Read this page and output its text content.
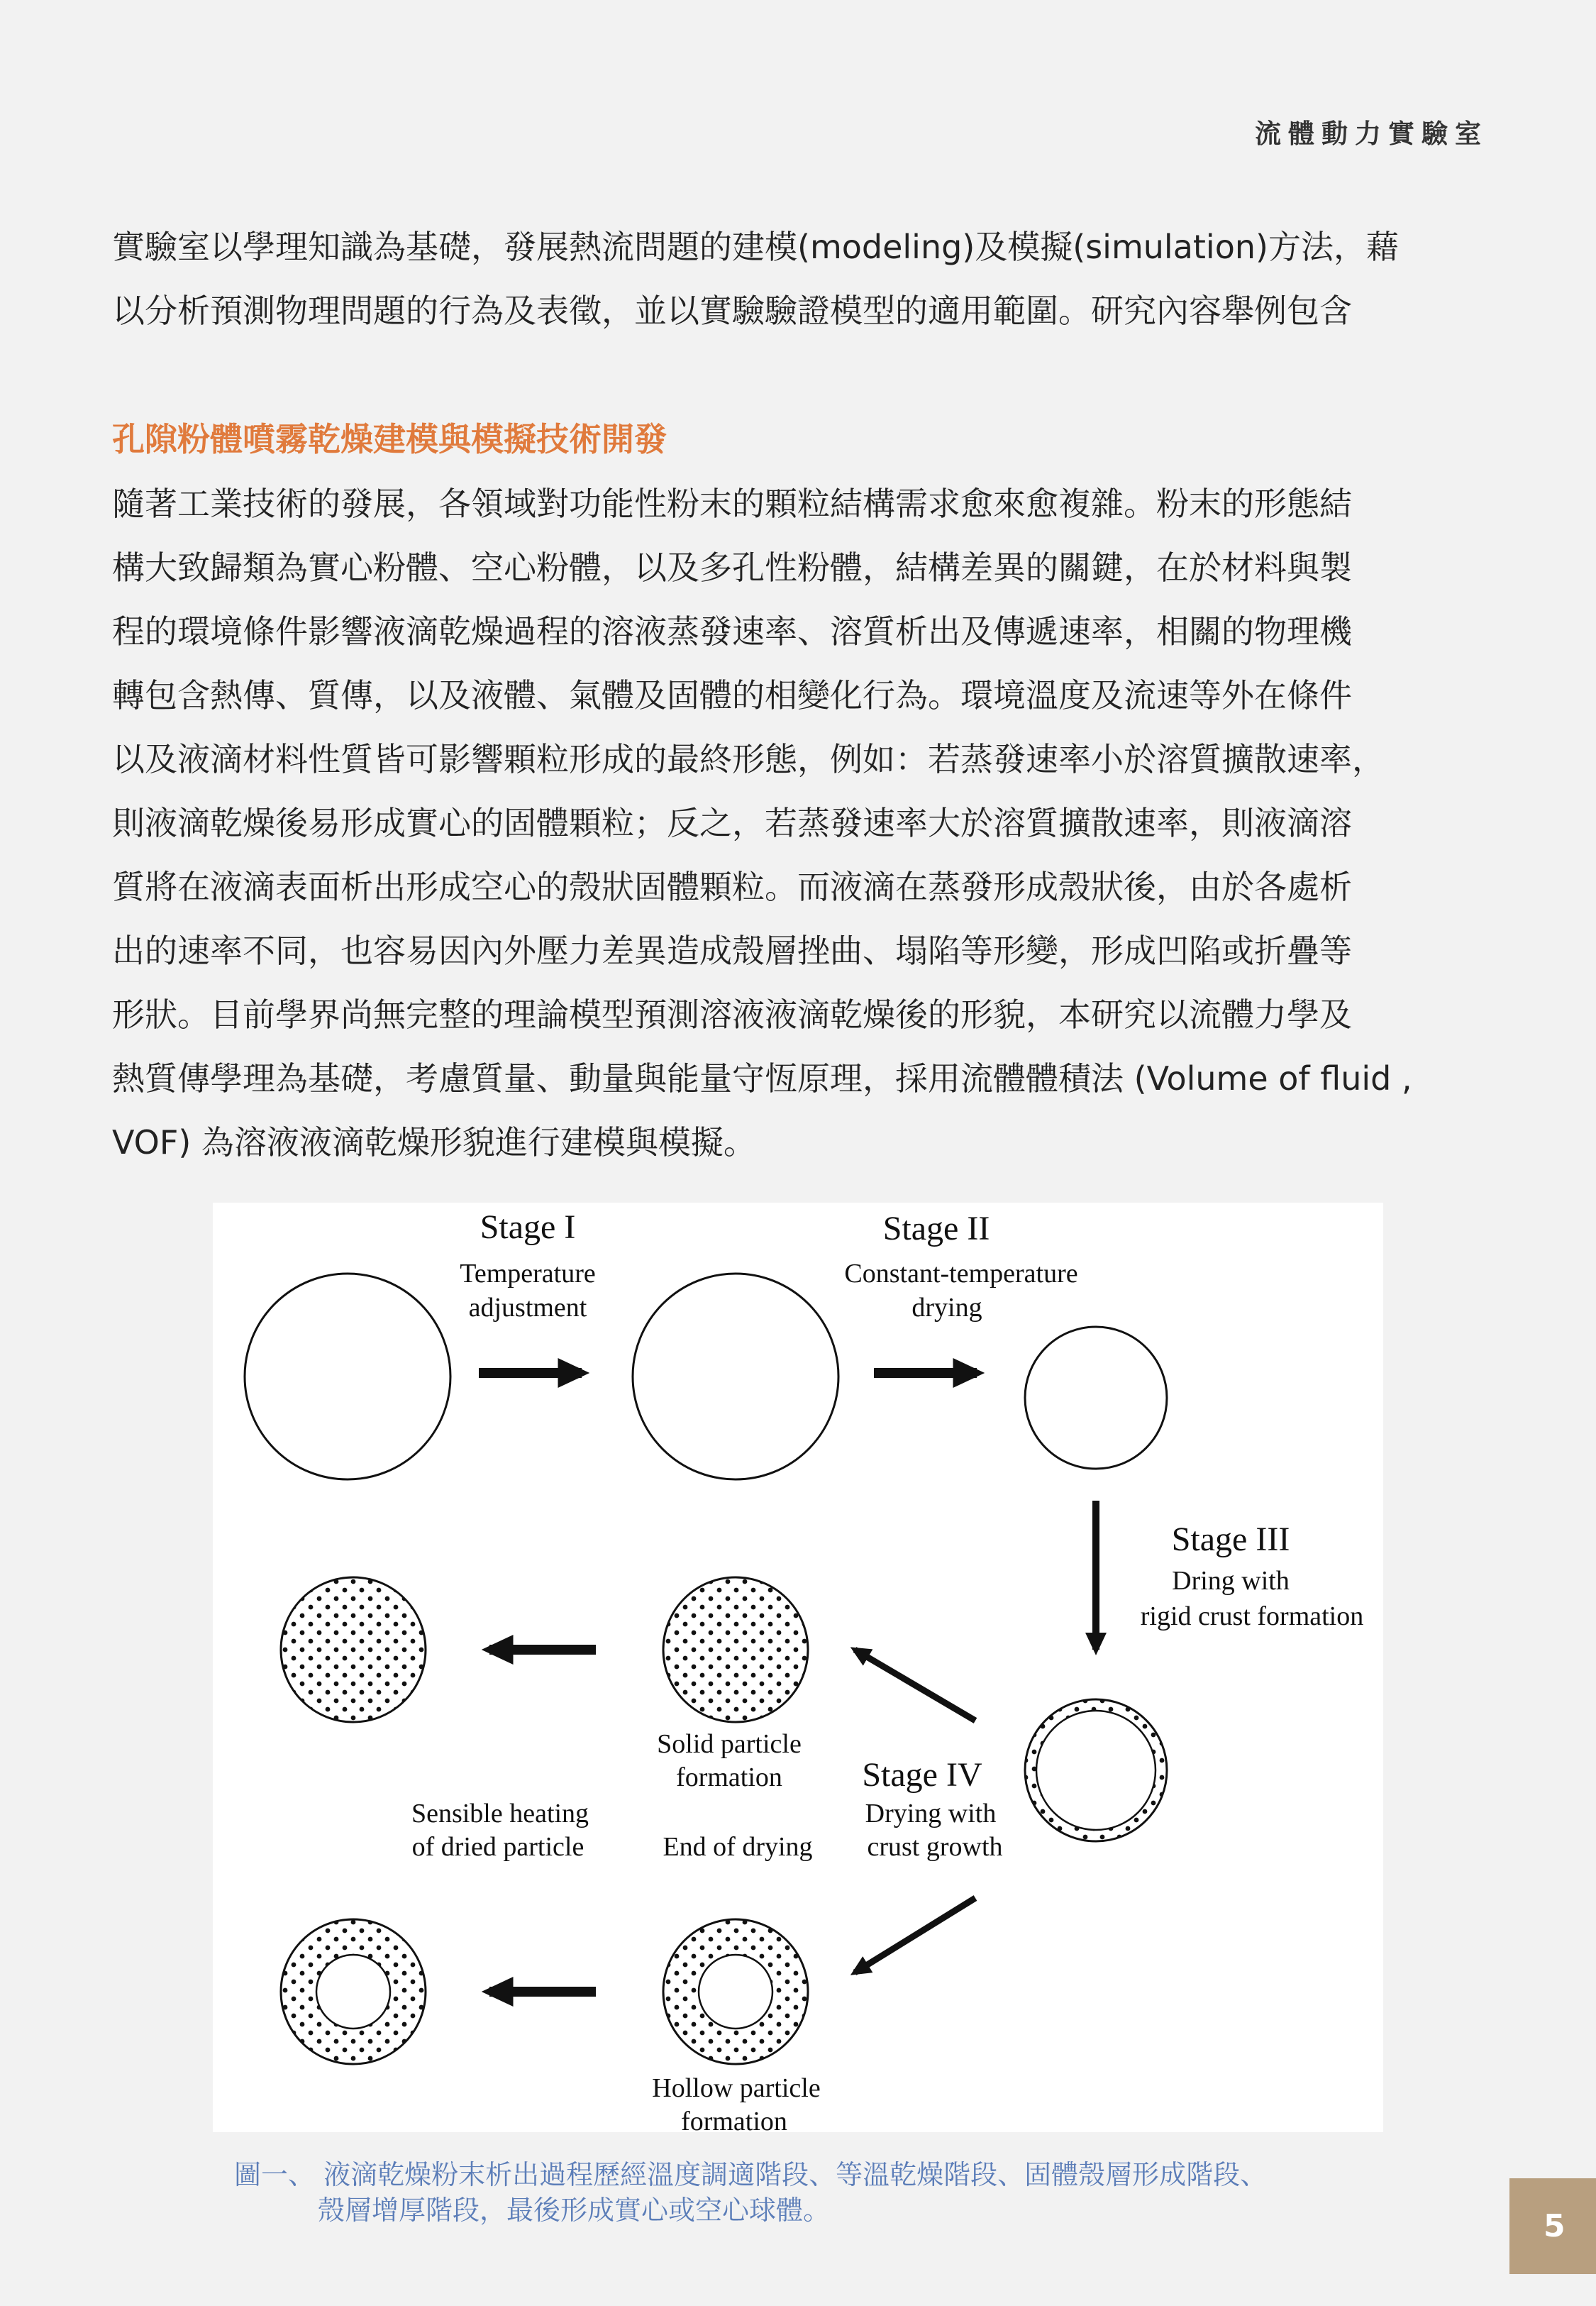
流體動力實驗室
實驗室以學理知識為基礎，發展熱流問題的建模(modeling)及模擬(simulation)方法，藉
以分析預測物理問題的行為及表徵，並以實驗驗證模型的適用範圍。研究內容舉例包含
孔隙粉體噴霧乾燥建模與模擬技術開發
隨著工業技術的發展，各領域對功能性粉末的顆粒結構需求愈來愈複雜。粉末的形態結
構大致歸類為實心粉體、空心粉體，以及多孔性粉體，結構差異的關鍵，在於材料與製
程的環境條件影響液滴乾燥過程的溶液蒸發速率、溶質析出及傳遞速率，相關的物理機
轉包含熱傳、質傳，以及液體、氣體及固體的相變化行為。環境溫度及流速等外在條件
以及液滴材料性質皆可影響顆粒形成的最終形態，例如：若蒸發速率小於溶質擴散速率，
則液滴乾燥後易形成實心的固體顆粒；反之，若蒸發速率大於溶質擴散速率，則液滴溶
質將在液滴表面析出形成空心的殼狀固體顆粒。而液滴在蒸發形成殼狀後，由於各處析
出的速率不同，也容易因內外壓力差異造成殼層挫曲、塌陷等形變，形成凹陷或折疊等
形狀。目前學界尚無完整的理論模型預測溶液液滴乾燥後的形貌，本研究以流體力學及
熱質傳學理為基礎，考慮質量、動量與能量守恆原理，採用流體體積法 (Volume of fluid ,
VOF) 為溶液液滴乾燥形貌進行建模與模擬。
Stage I
Temperature
adjustment
Stage II
Constant-temperature
drying
Stage III
Dring with
rigid crust formation
Solid particle
formation Stage IV
Drying with
crust growth
Sensible heating
of dried particle	End of drying
Hollow particle
formation
圖一、 液滴乾燥粉末析出過程歷經溫度調適階段、等溫乾燥階段、固體殼層形成階段、
殼層增厚階段，最後形成實心或空心球體。	5
